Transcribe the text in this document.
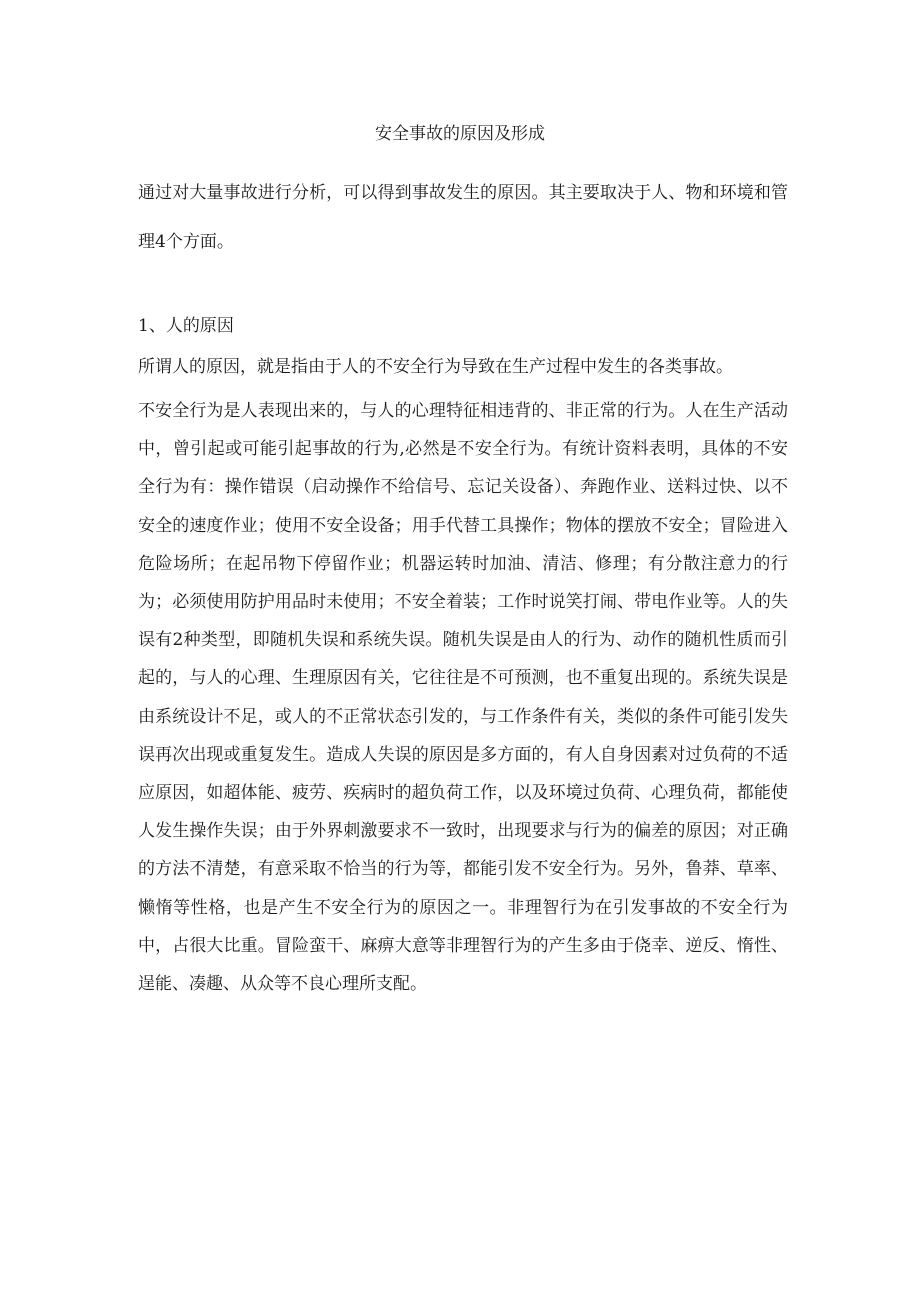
安全事故的原因及形成

通过对大量事故进行分析，可以得到事故发生的原因。其主要取决于人、物和环境和管理4个方面。

1、人的原因

所谓人的原因，就是指由于人的不安全行为导致在生产过程中发生的各类事故。

不安全行为是人表现出来的，与人的心理特征相违背的、非正常的行为。人在生产活动中，曾引起或可能引起事故的行为,必然是不安全行为。有统计资料表明，具体的不安全行为有：操作错误（启动操作不给信号、忘记关设备）、奔跑作业、送料过快、以不安全的速度作业；使用不安全设备；用手代替工具操作；物体的摆放不安全；冒险进入危险场所；在起吊物下停留作业；机器运转时加油、清洁、修理；有分散注意力的行为；必须使用防护用品时未使用；不安全着装；工作时说笑打闹、带电作业等。人的失误有2种类型，即随机失误和系统失误。随机失误是由人的行为、动作的随机性质而引起的，与人的心理、生理原因有关，它往往是不可预测，也不重复出现的。系统失误是由系统设计不足，或人的不正常状态引发的，与工作条件有关，类似的条件可能引发失误再次出现或重复发生。造成人失误的原因是多方面的，有人自身因素对过负荷的不适应原因，如超体能、疲劳、疾病时的超负荷工作，以及环境过负荷、心理负荷，都能使人发生操作失误；由于外界刺激要求不一致时，出现要求与行为的偏差的原因；对正确的方法不清楚，有意采取不恰当的行为等，都能引发不安全行为。另外，鲁莽、草率、懒惰等性格，也是产生不安全行为的原因之一。非理智行为在引发事故的不安全行为中，占很大比重。冒险蛮干、麻痹大意等非理智行为的产生多由于侥幸、逆反、惰性、逞能、凑趣、从众等不良心理所支配。
